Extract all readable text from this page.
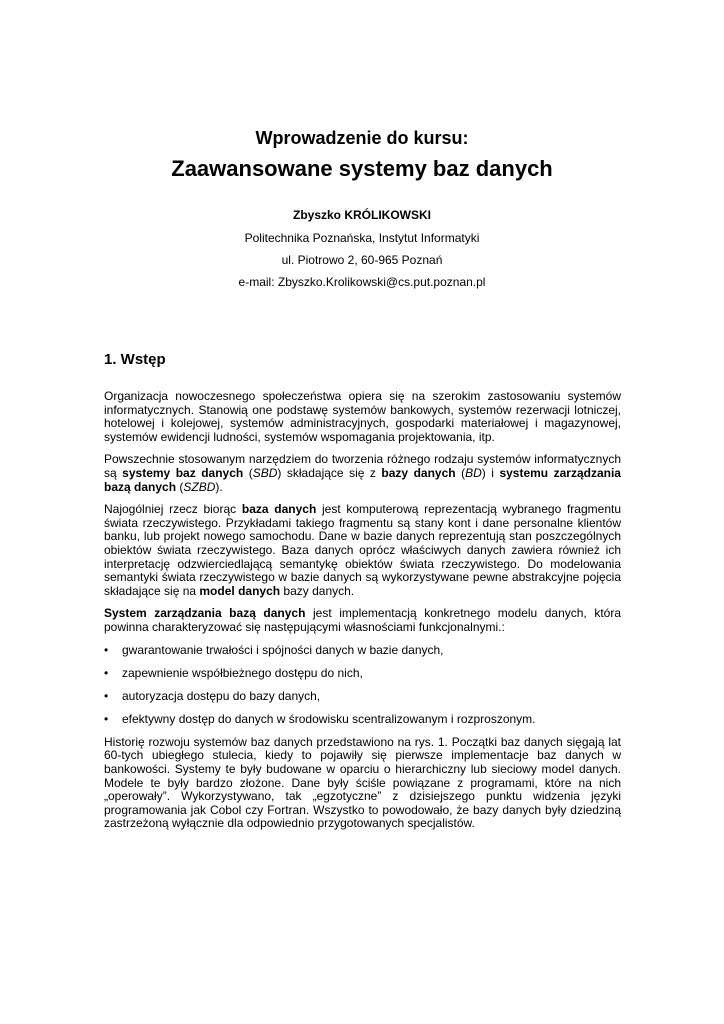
Wprowadzenie do kursu:
Zaawansowane systemy baz danych
Zbyszko KRÓLIKOWSKI
Politechnika Poznańska, Instytut Informatyki
ul. Piotrowo 2, 60-965 Poznań
e-mail: Zbyszko.Krolikowski@cs.put.poznan.pl
1. Wstęp

Organizacja nowoczesnego społeczeństwa opiera się na szerokim zastosowaniu systemów informatycznych. Stanowią one podstawę systemów bankowych, systemów rezerwacji lotniczej, hotelowej i kolejowej, systemów administracyjnych, gospodarki materiałowej i magazynowej, systemów ewidencji ludności, systemów wspomagania projektowania, itp.

Powszechnie stosowanym narzędziem do tworzenia różnego rodzaju systemów informatycznych są systemy baz danych (SBD) składające się z bazy danych (BD) i systemu zarządzania bazą danych (SZBD).

Najogólniej rzecz biorąc baza danych jest komputerową reprezentacją wybranego fragmentu świata rzeczywistego. Przykładami takiego fragmentu są stany kont i dane personalne klientów banku, lub projekt nowego samochodu. Dane w bazie danych reprezentują stan poszczególnych obiektów świata rzeczywistego. Baza danych oprócz właściwych danych zawiera również ich interpretację odzwierciedlającą semantykę obiektów świata rzeczywistego. Do modelowania semantyki świata rzeczywistego w bazie danych są wykorzystywane pewne abstrakcyjne pojęcia składające się na model danych bazy danych.

System zarządzania bazą danych jest implementacją konkretnego modelu danych, która powinna charakteryzować się następującymi własnościami funkcjonalnymi.:

• gwarantowanie trwałości i spójności danych w bazie danych,
• zapewnienie współbieżnego dostępu do nich,
• autoryzacja dostępu do bazy danych,
• efektywny dostęp do danych w środowisku scentralizowanym i rozproszonym.

Historię rozwoju systemów baz danych przedstawiono na rys. 1. Początki baz danych sięgają lat 60-tych ubiegłego stulecia, kiedy to pojawiły się pierwsze implementacje baz danych w bankowości. Systemy te były budowane w oparciu o hierarchiczny lub sieciowy model danych. Modele te były bardzo złożone. Dane były ściśle powiązane z programami, które na nich „operowały”. Wykorzystywano, tak „egzotyczne” z dzisiejszego punktu widzenia języki programowania jak Cobol czy Fortran. Wszystko to powodowało, że bazy danych były dziedziną zastrzeżoną wyłącznie dla odpowiednio przygotowanych specjalistów.
